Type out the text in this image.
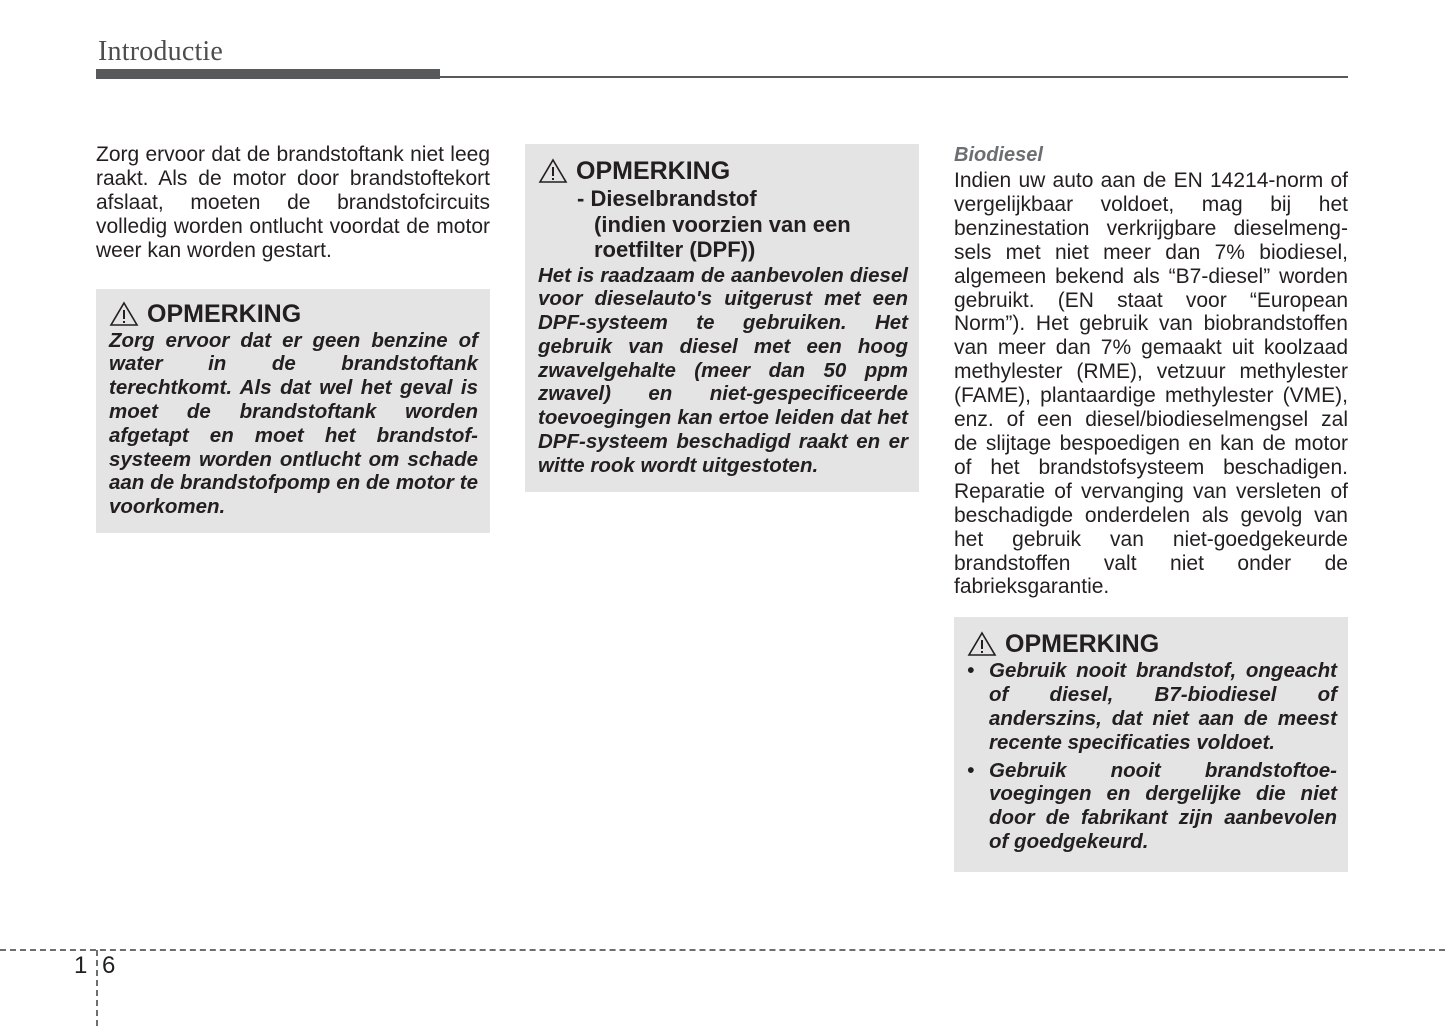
Introductie

Zorg ervoor dat de brandstoftank niet leeg raakt. Als de motor door brandstoftekort afslaat, moeten de brandstofcircuits volledig worden ontlucht voordat de motor weer kan worden gestart.

OPMERKING

Zorg ervoor dat er geen benzine of water in de brandstoftank terechtkomt. Als dat wel het geval is moet de brandstoftank worden afgetapt en moet het brandstofsysteem worden ontlucht om schade aan de brandstofpomp en de motor te voorkomen.

OPMERKING
- Dieselbrandstof
(indien voorzien van een
roetfilter (DPF))

Het is raadzaam de aanbevolen diesel voor dieselauto's uitgerust met een DPF-systeem te gebruiken. Het gebruik van diesel met een hoog zwavelgehalte (meer dan 50 ppm zwavel) en niet-gespecificeerde toevoegingen kan ertoe leiden dat het DPF-systeem beschadigd raakt en er witte rook wordt uitgestoten.

Biodiesel

Indien uw auto aan de EN 14214-norm of vergelijkbaar voldoet, mag bij het benzinestation verkrijgbare dieselmengsels met niet meer dan 7% biodiesel, algemeen bekend als “B7-diesel” worden gebruikt. (EN staat voor “European Norm”). Het gebruik van biobrandstoffen van meer dan 7% gemaakt uit koolzaad methylester (RME), vetzuur methylester (FAME), plantaardige methylester (VME), enz. of een diesel/biodieselmengsel zal de slijtage bespoedigen en kan de motor of het brandstofsysteem beschadigen. Reparatie of vervanging van versleten of beschadigde onderdelen als gevolg van het gebruik van niet-goedgekeurde brandstoffen valt niet onder de fabrieksgarantie.

OPMERKING
• Gebruik nooit brandstof, ongeacht of diesel, B7-biodiesel of anderszins, dat niet aan de meest recente specificaties voldoet.
• Gebruik nooit brandstoftoevoegingen en dergelijke die niet door de fabrikant zijn aanbevolen of goedgekeurd.
1 6
